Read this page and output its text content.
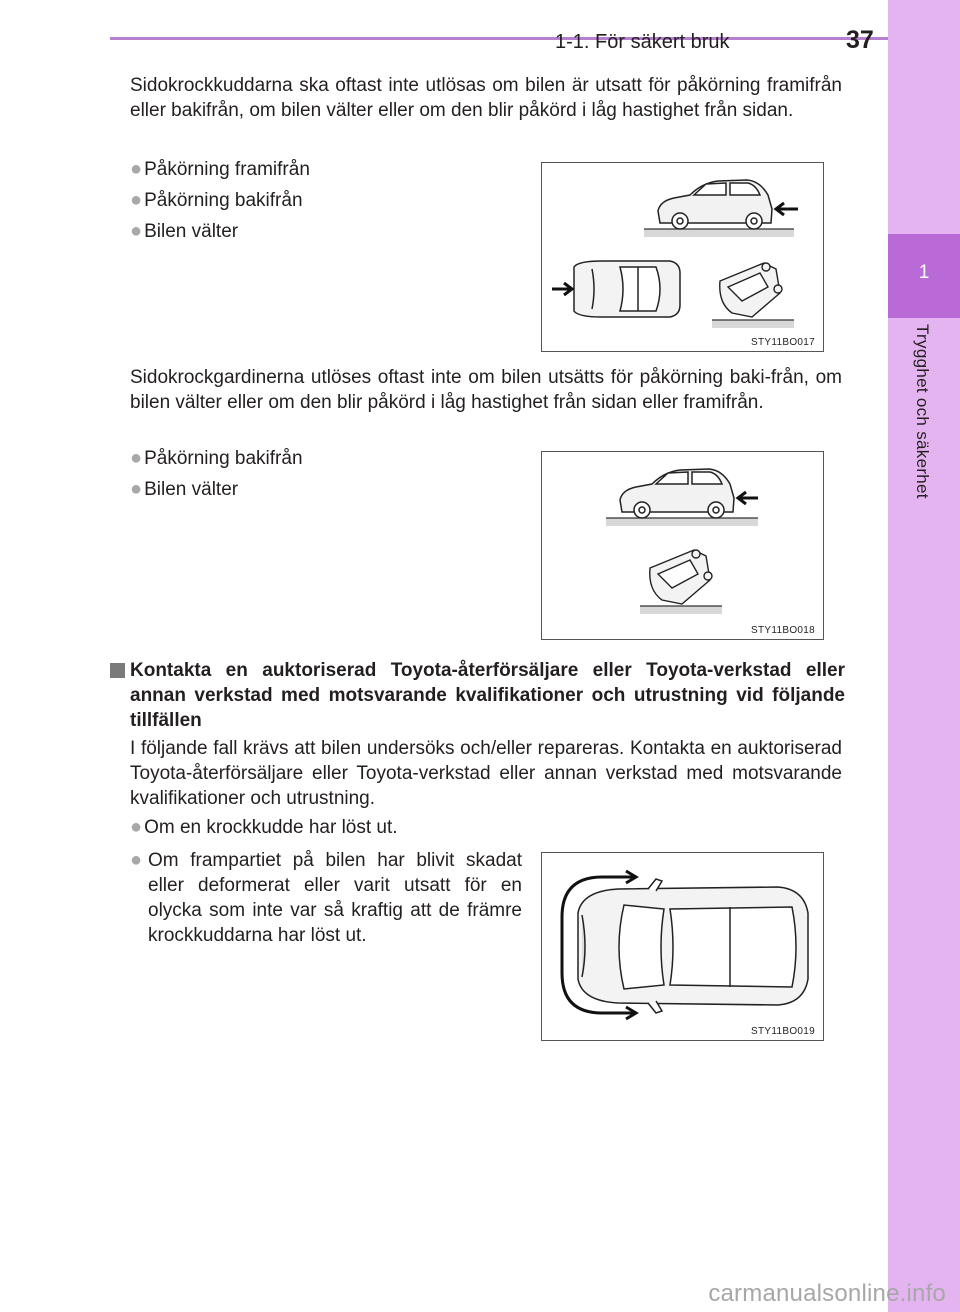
1-1. För säkert bruk	37
1
Trygghet och säkerhet

Sidokrockkuddarna ska oftast inte utlösas om bilen är utsatt för påkörning framifrån eller bakifrån, om bilen välter eller om den blir påkörd i låg hastighet från sidan.

● Påkörning framifrån
● Påkörning bakifrån
● Bilen välter
STY11BO017

Sidokrockgardinerna utlöses oftast inte om bilen utsätts för påkörning baki-från, om bilen välter eller om den blir påkörd i låg hastighet från sidan eller framifrån.

● Påkörning bakifrån
● Bilen välter
STY11BO018
Kontakta en auktoriserad Toyota-återförsäljare eller Toyota-verkstad eller annan verkstad med motsvarande kvalifikationer och utrustning vid följande tillfällen

I följande fall krävs att bilen undersöks och/eller repareras. Kontakta en auktoriserad Toyota-återförsäljare eller Toyota-verkstad eller annan verkstad med motsvarande kvalifikationer och utrustning.

● Om en krockkudde har löst ut.
● Om frampartiet på bilen har blivit skadat eller deformerat eller varit utsatt för en olycka som inte var så kraftig att de främre krockkuddarna har löst ut.
STY11BO019
carmanualsonline.info
